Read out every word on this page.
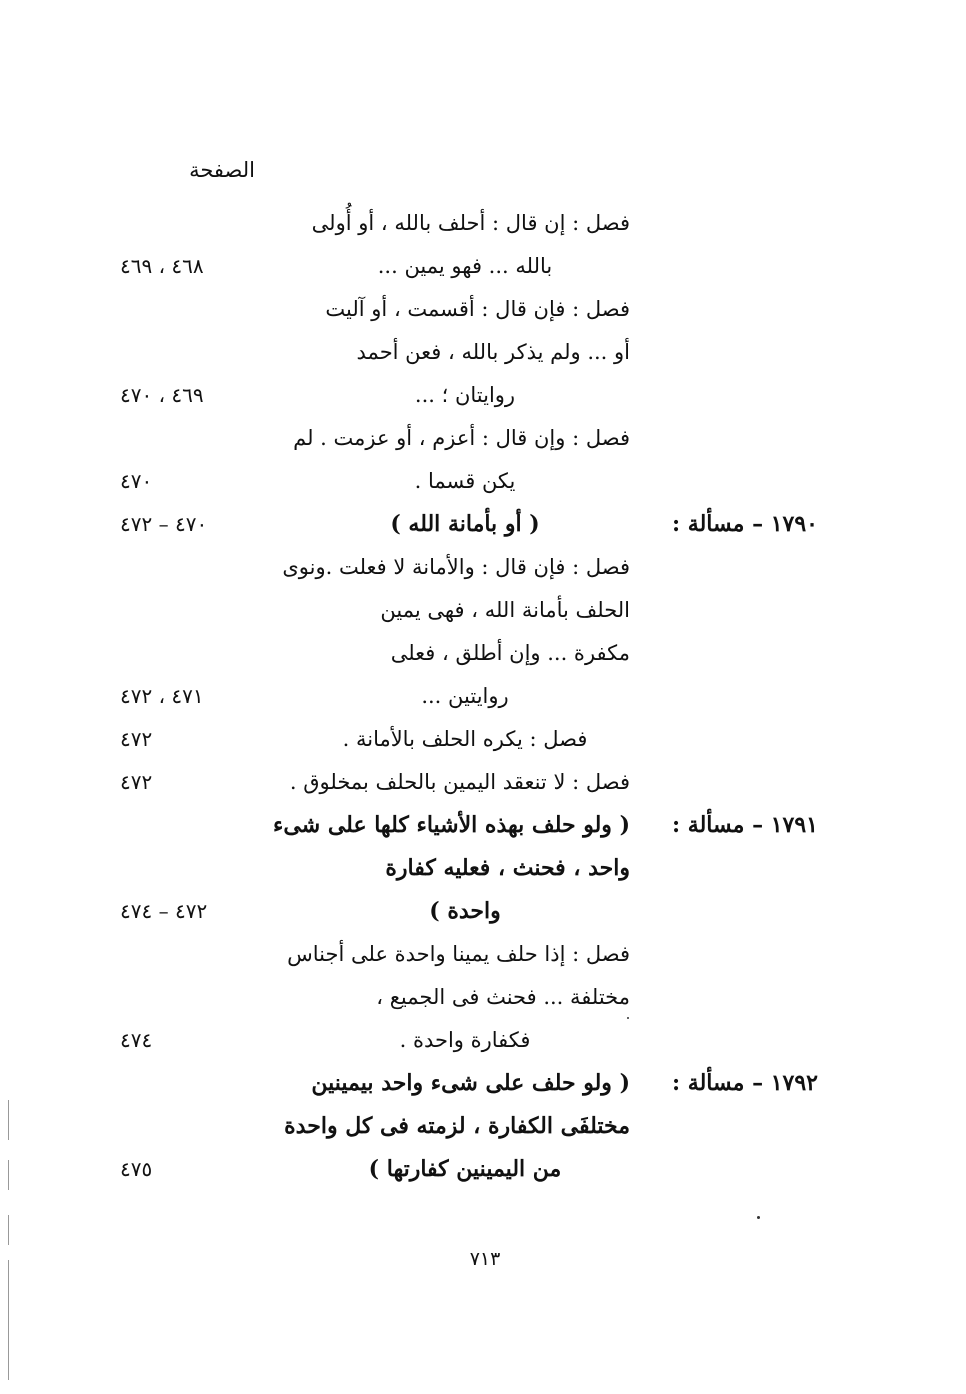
الصفحة
فصل : إن قال : أحلف بالله ، أو أُولى
بالله ... فهو يمين ...
٤٦٨ ، ٤٦٩
فصل : فإن قال : أقسمت ، أو آليت
أو ... ولم يذكر بالله ، فعن أحمد
روايتان ؛ ...
٤٦٩ ، ٤٧٠
فصل : وإن قال : أعزم ، أو عزمت . لم
يكن قسما .
٤٧٠
١٧٩٠ – مسألة :
( أو بأمانة الله )
٤٧٠ – ٤٧٢
فصل : فإن قال : والأمانة لا فعلت .ونوى
الحلف بأمانة الله ، فهى يمين
مكفرة ... وإن أطلق ، فعلى
روايتين ...
٤٧١ ، ٤٧٢
فصل : يكره الحلف بالأمانة .
٤٧٢
فصل : لا تنعقد اليمين بالحلف بمخلوق .
٤٧٢
١٧٩١ – مسألة :
( ولو حلف بهذه الأشياء كلها على شىء
واحد ، فحنث ، فعليه كفارة
واحدة )
٤٧٢ – ٤٧٤
فصل : إذا حلف يمينا واحدة على أجناس
مختلفة ... فحنث فى الجميع ،
فكفارة واحدة .
٤٧٤
١٧٩٢ – مسألة :
( ولو حلف على شىء واحد بيمينين
مختلفَى الكفارة ، لزمته فى كل واحدة
من اليمينين كفارتها )
٤٧٥
٧١٣
